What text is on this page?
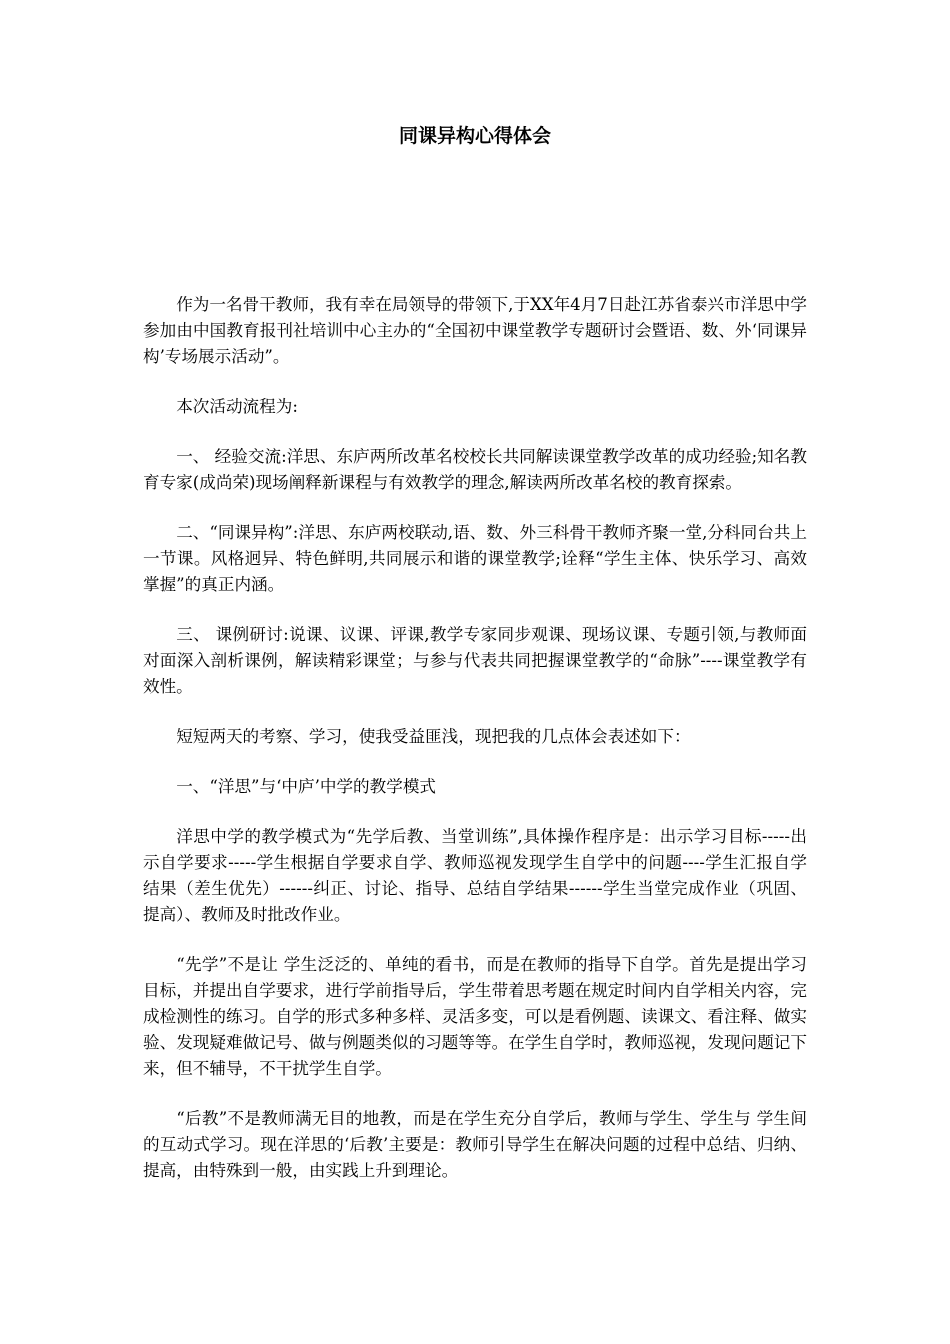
同课异构心得体会

作为一名骨干教师，我有幸在局领导的带领下,于XX年4月7日赴江苏省泰兴市洋思中学参加由中国教育报刊社培训中心主办的“全国初中课堂教学专题研讨会暨语、数、外‘同课异构’专场展示活动”。

本次活动流程为:

一、 经验交流:洋思、东庐两所改革名校校长共同解读课堂教学改革的成功经验;知名教育专家(成尚荣)现场阐释新课程与有效教学的理念,解读两所改革名校的教育探索。

二、“同课异构”:洋思、东庐两校联动,语、数、外三科骨干教师齐聚一堂,分科同台共上一节课。风格迥异、特色鲜明,共同展示和谐的课堂教学;诠释“学生主体、快乐学习、高效掌握”的真正内涵。

三、 课例研讨:说课、议课、评课,教学专家同步观课、现场议课、专题引领,与教师面对面深入剖析课例，解读精彩课堂；与参与代表共同把握课堂教学的“命脉”----课堂教学有效性。

短短两天的考察、学习，使我受益匪浅，现把我的几点体会表述如下：

一、“洋思”与‘中庐’中学的教学模式

洋思中学的教学模式为“先学后教、当堂训练”,具体操作程序是：出示学习目标-----出示自学要求-----学生根据自学要求自学、教师巡视发现学生自学中的问题----学生汇报自学结果（差生优先）------纠正、讨论、指导、总结自学结果------学生当堂完成作业（巩固、提高）、教师及时批改作业。

“先学”不是让 学生泛泛的、单纯的看书，而是在教师的指导下自学。首先是提出学习目标，并提出自学要求，进行学前指导后，学生带着思考题在规定时间内自学相关内容，完成检测性的练习。自学的形式多种多样、灵活多变，可以是看例题、读课文、看注释、做实验、发现疑难做记号、做与例题类似的习题等等。在学生自学时，教师巡视，发现问题记下来，但不辅导，不干扰学生自学。

“后教”不是教师满无目的地教，而是在学生充分自学后，教师与学生、学生与 学生间的互动式学习。现在洋思的‘后教’主要是：教师引导学生在解决问题的过程中总结、归纳、提高，由特殊到一般，由实践上升到理论。
